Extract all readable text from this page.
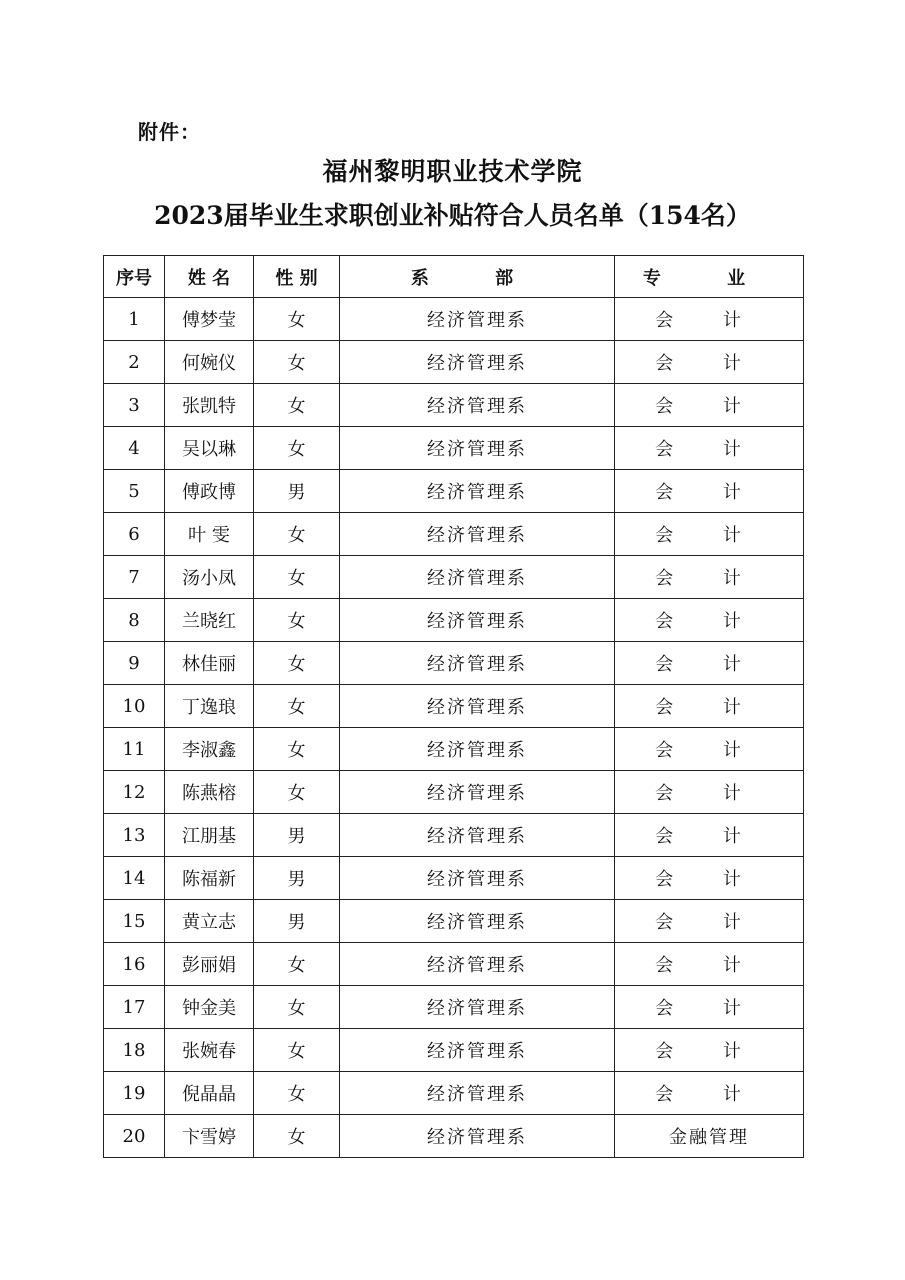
附件：
福州黎明职业技术学院
2023届毕业生求职创业补贴符合人员名单（154名）
序号	姓 名	性 别	系 部	专 业
1	傅梦莹	女	经济管理系	会 计
2	何婉仪	女	经济管理系	会 计
3	张凯特	女	经济管理系	会 计
4	吴以琳	女	经济管理系	会 计
5	傅政博	男	经济管理系	会 计
6	叶 雯	女	经济管理系	会 计
7	汤小凤	女	经济管理系	会 计
8	兰晓红	女	经济管理系	会 计
9	林佳丽	女	经济管理系	会 计
10	丁逸琅	女	经济管理系	会 计
11	李淑鑫	女	经济管理系	会 计
12	陈燕榕	女	经济管理系	会 计
13	江朋基	男	经济管理系	会 计
14	陈福新	男	经济管理系	会 计
15	黄立志	男	经济管理系	会 计
16	彭丽娟	女	经济管理系	会 计
17	钟金美	女	经济管理系	会 计
18	张婉春	女	经济管理系	会 计
19	倪晶晶	女	经济管理系	会 计
20	卞雪婷	女	经济管理系	金融管理
